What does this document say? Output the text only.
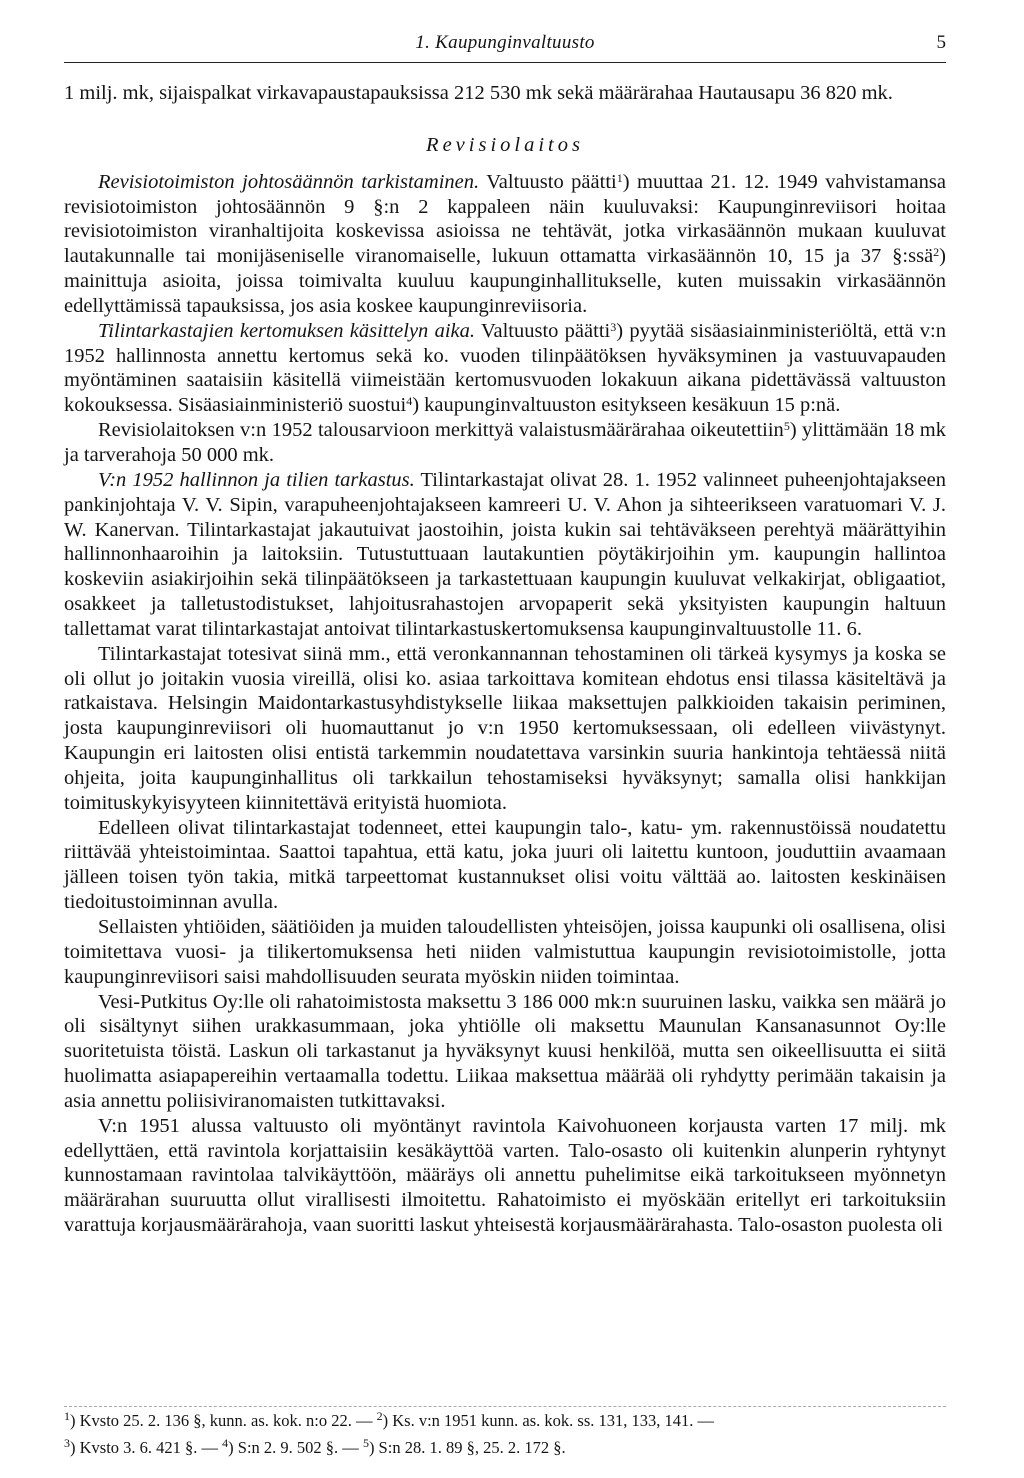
1. Kaupunginvaltuusto	5

1 milj. mk, sijaispalkat virkavapaustapauksissa 212 530 mk sekä määrärahaa Hautausapu 36 820 mk.

Revisiolaitos

Revisiotoimiston johtosäännön tarkistaminen. Valtuusto päätti$^1$) muuttaa 21. 12. 1949 vahvistamansa revisiotoimiston johtosäännön 9 §:n 2 kappaleen näin kuuluvaksi: Kaupunginreviisori hoitaa revisiotoimiston viranhaltijoita koskevissa asioissa ne tehtävät, jotka virkasäännön mukaan kuuluvat lautakunnalle tai monijäseniselle viranomaiselle, lukuun ottamatta virkasäännön 10, 15 ja 37 §:ssä$^2$) mainittuja asioita, joissa toimivalta kuuluu kaupunginhallitukselle, kuten muissakin virkasäännön edellyttämissä tapauksissa, jos asia koskee kaupunginreviisoria.

Tilintarkastajien kertomuksen käsittelyn aika. Valtuusto päätti$^3$) pyytää sisäasiainministeriöltä, että v:n 1952 hallinnosta annettu kertomus sekä ko. vuoden tilinpäätöksen hyväksyminen ja vastuuvapauden myöntäminen saataisiin käsitellä viimeistään kertomusvuoden lokakuun aikana pidettävässä valtuuston kokouksessa. Sisäasiainministeriö suostui$^4$) kaupunginvaltuuston esitykseen kesäkuun 15 p:nä.

Revisiolaitoksen v:n 1952 talousarvioon merkittyä valaistusmäärärahaa oikeutettiin$^5$) ylittämään 18 mk ja tarverahoja 50 000 mk.

V:n 1952 hallinnon ja tilien tarkastus. Tilintarkastajat olivat 28. 1. 1952 valinneet puheenjohtajakseen pankinjohtaja V. V. Sipin, varapuheenjohtajakseen kamreeri U. V. Ahon ja sihteerikseen varatuomari V. J. W. Kanervan. Tilintarkastajat jakautuivat jaostoihin, joista kukin sai tehtäväkseen perehtyä määrättyihin hallinnonhaaroihin ja laitoksiin. Tutustuttuaan lautakuntien pöytäkirjoihin ym. kaupungin hallintoa koskeviin asiakirjoihin sekä tilinpäätökseen ja tarkastettuaan kaupungin kuuluvat velkakirjat, obligaatiot, osakkeet ja talletustodistukset, lahjoitusrahastojen arvopaperit sekä yksityisten kaupungin haltuun tallettamat varat tilintarkastajat antoivat tilintarkastuskertomuksensa kaupunginvaltuustolle 11. 6.

Tilintarkastajat totesivat siinä mm., että veronkannannan tehostaminen oli tärkeä kysymys ja koska se oli ollut jo joitakin vuosia vireillä, olisi ko. asiaa tarkoittava komitean ehdotus ensi tilassa käsiteltävä ja ratkaistava. Helsingin Maidontarkastusyhdistykselle liikaa maksettujen palkkioiden takaisin periminen, josta kaupunginreviisori oli huomauttanut jo v:n 1950 kertomuksessaan, oli edelleen viivästynyt. Kaupungin eri laitosten olisi entistä tarkemmin noudatettava varsinkin suuria hankintoja tehtäessä niitä ohjeita, joita kaupunginhallitus oli tarkkailun tehostamiseksi hyväksynyt; samalla olisi hankkijan toimituskykyisyyteen kiinnitettävä erityistä huomiota.

Edelleen olivat tilintarkastajat todenneet, ettei kaupungin talo-, katu- ym. rakennustöissä noudatettu riittävää yhteistoimintaa. Saattoi tapahtua, että katu, joka juuri oli laitettu kuntoon, jouduttiin avaamaan jälleen toisen työn takia, mitkä tarpeettomat kustannukset olisi voitu välttää ao. laitosten keskinäisen tiedoitustoiminnan avulla.

Sellaisten yhtiöiden, säätiöiden ja muiden taloudellisten yhteisöjen, joissa kaupunki oli osallisena, olisi toimitettava vuosi- ja tilikertomuksensa heti niiden valmistuttua kaupungin revisiotoimistolle, jotta kaupunginreviisori saisi mahdollisuuden seurata myöskin niiden toimintaa.

Vesi-Putkitus Oy:lle oli rahatoimistosta maksettu 3 186 000 mk:n suuruinen lasku, vaikka sen määrä jo oli sisältynyt siihen urakkasummaan, joka yhtiölle oli maksettu Maunulan Kansanasunnot Oy:lle suoritetuista töistä. Laskun oli tarkastanut ja hyväksynyt kuusi henkilöä, mutta sen oikeellisuutta ei siitä huolimatta asiapapereihin vertaamalla todettu. Liikaa maksettua määrää oli ryhdytty perimään takaisin ja asia annettu poliisiviranomaisten tutkittavaksi.

V:n 1951 alussa valtuusto oli myöntänyt ravintola Kaivohuoneen korjausta varten 17 milj. mk edellyttäen, että ravintola korjattaisiin kesäkäyttöä varten. Talo-osasto oli kuitenkin alunperin ryhtynyt kunnostamaan ravintolaa talvikäyttöön, määräys oli annettu puhelimitse eikä tarkoitukseen myönnetyn määrärahan suuruutta ollut virallisesti ilmoitettu. Rahatoimisto ei myöskään eritellyt eri tarkoituksiin varattuja korjausmäärärahoja, vaan suoritti laskut yhteisestä korjausmäärärahasta. Talo-osaston puolesta oli

$^1$) Kvsto 25. 2. 136 §, kunn. as. kok. n:o 22. — $^2$) Ks. v:n 1951 kunn. as. kok. ss. 131, 133, 141. —

$^3$) Kvsto 3. 6. 421 §. — $^4$) S:n 2. 9. 502 §. — $^5$) S:n 28. 1. 89 §, 25. 2. 172 §.
